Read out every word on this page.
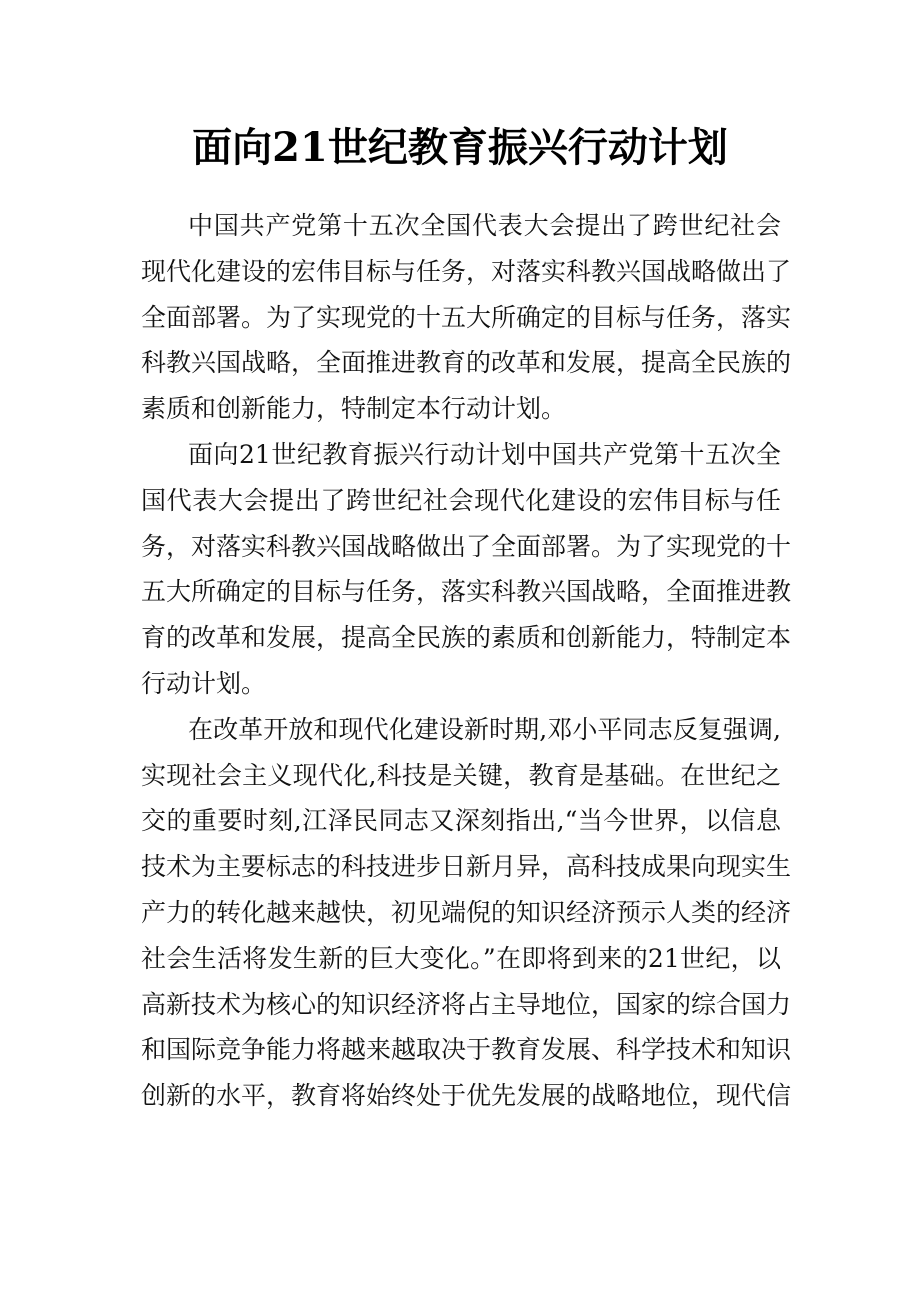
面向21世纪教育振兴行动计划
中国共产党第十五次全国代表大会提出了跨世纪社会
现代化建设的宏伟目标与任务，对落实科教兴国战略做出了
全面部署。为了实现党的十五大所确定的目标与任务，落实
科教兴国战略，全面推进教育的改革和发展，提高全民族的
素质和创新能力，特制定本行动计划。
面向21世纪教育振兴行动计划中国共产党第十五次全
国代表大会提出了跨世纪社会现代化建设的宏伟目标与任
务，对落实科教兴国战略做出了全面部署。为了实现党的十
五大所确定的目标与任务，落实科教兴国战略，全面推进教
育的改革和发展，提高全民族的素质和创新能力，特制定本
行动计划。
在改革开放和现代化建设新时期,邓小平同志反复强调,
实现社会主义现代化,科技是关键，教育是基础。在世纪之
交的重要时刻,江泽民同志又深刻指出,“当今世界，以信息
技术为主要标志的科技进步日新月异，高科技成果向现实生
产力的转化越来越快，初见端倪的知识经济预示人类的经济
社会生活将发生新的巨大变化。”在即将到来的21世纪，以
高新技术为核心的知识经济将占主导地位，国家的综合国力
和国际竞争能力将越来越取决于教育发展、科学技术和知识
创新的水平，教育将始终处于优先发展的战略地位，现代信
